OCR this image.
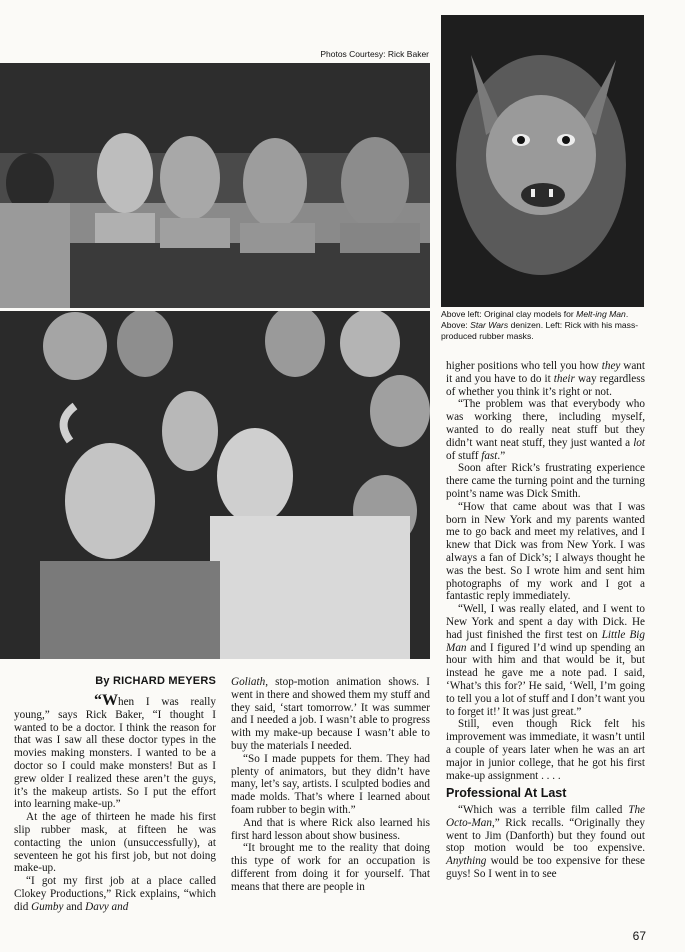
Photos Courtesy: Rick Baker
Above left: Original clay models for Melt-ing Man. Above: Star Wars denizen. Left: Rick with his mass-produced rubber masks.
By RICHARD MEYERS

“When I was really young,” says Rick Baker, “I thought I wanted to be a doctor. I think the reason for that was I saw all these doctor types in the movies making monsters. I wanted to be a doctor so I could make monsters! But as I grew older I realized these aren’t the guys, it’s the makeup artists. So I put the effort into learning make-up.”

At the age of thirteen he made his first slip rubber mask, at fifteen he was contacting the union (unsuccessfully), at seventeen he got his first job, but not doing make-up.

“I got my first job at a place called Clokey Productions,” Rick explains, “which did Gumby and Davy and

Goliath, stop-motion animation shows. I went in there and showed them my stuff and they said, ‘start tomorrow.’ It was summer and I needed a job. I wasn’t able to progress with my make-up because I wasn’t able to buy the materials I needed.

“So I made puppets for them. They had plenty of animators, but they didn’t have many, let’s say, artists. I sculpted bodies and made molds. That’s where I learned about foam rubber to begin with.”

And that is where Rick also learned his first hard lesson about show business.

“It brought me to the reality that doing this type of work for an occupation is different from doing it for yourself. That means that there are people in

higher positions who tell you how they want it and you have to do it their way regardless of whether you think it’s right or not.

“The problem was that everybody who was working there, including myself, wanted to do really neat stuff but they didn’t want neat stuff, they just wanted a lot of stuff fast.”

Soon after Rick’s frustrating experience there came the turning point and the turning point’s name was Dick Smith.

“How that came about was that I was born in New York and my parents wanted me to go back and meet my relatives, and I knew that Dick was from New York. I was always a fan of Dick’s; I always thought he was the best. So I wrote him and sent him photographs of my work and I got a fantastic reply immediately.

“Well, I was really elated, and I went to New York and spent a day with Dick. He had just finished the first test on Little Big Man and I figured I’d wind up spending an hour with him and that would be it, but instead he gave me a note pad. I said, ‘What’s this for?’ He said, ‘Well, I’m going to tell you a lot of stuff and I don’t want you to forget it!’ It was just great.”

Still, even though Rick felt his improvement was immediate, it wasn’t until a couple of years later when he was an art major in junior college, that he got his first make-up assignment . . . .

Professional At Last

“Which was a terrible film called The Octo-Man,” Rick recalls. “Originally they went to Jim (Danforth) but they found out stop motion would be too expensive. Anything would be too expensive for these guys! So I went in to see

67
